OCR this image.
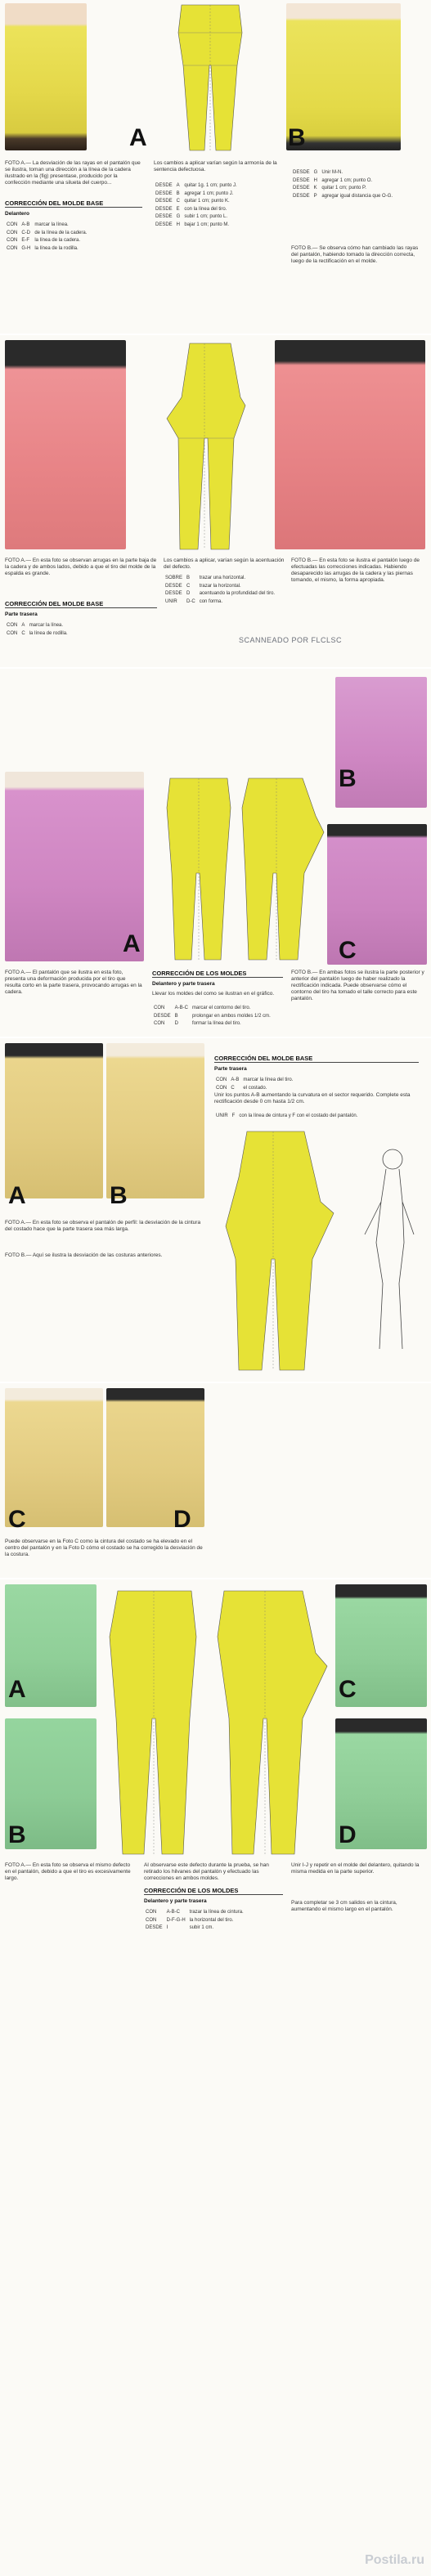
A	B
FOTO A.— La desviación de las rayas en el pantalón que se ilustra, toman una dirección a la línea de la cadera ilustrado en la (fig) presentase, producido por la confección mediante una silueta del cuerpo...
CORRECCIÓN DEL MOLDE BASE
Delantero
CON	A-B	marcar la línea.
CON	C-D	de la línea de la cadera.
CON	E-F	la línea de la cadera.
CON	G-H	la línea de la rodilla.
Los cambios a aplicar varían según la armonía de la sentencia defectuosa.
DESDE	A	quitar 1g. 1 cm; punto J.
DESDE	B	agregar 1 cm; punto J.
DESDE	C	quitar 1 cm; punto K.
DESDE	E	con la línea del tiro.
DESDE	G	subir 1 cm; punto L.
DESDE	H	bajar 1 cm; punto M.
DESDE	G	Unir M-N.
DESDE	H	agregar 1 cm; punto O.
DESDE	K	quitar 1 cm; punto P.
DESDE	P	agregar igual distancia que O-G.
FOTO B.— Se observa cómo han cambiado las rayas del pantalón, habiendo tomado la dirección correcta, luego de la rectificación en el molde.
FOTO A.— En esta foto se observan arrugas en la parte baja de la cadera y de ambos lados, debido a que el tiro del molde de la espalda es grande.
CORRECCIÓN DEL MOLDE BASE
Parte trasera
CON	A	marcar la línea.
CON	C	la línea de rodilla.
Los cambios a aplicar, varían según la acentuación del defecto.
SOBRE	B	trazar una horizontal.
DESDE	C	trazar la horizontal.
DESDE	D	acentuando la profundidad del tiro.
UNIR	D-C	con forma.
FOTO B.— En esta foto se ilustra el pantalón luego de efectuadas las correcciones indicadas. Habiendo desaparecido las arrugas de la cadera y las piernas tomando, el mismo, la forma apropiada.
SCANNEADO POR FLCLSC
B
A	C
FOTO A.— El pantalón que se ilustra en esta foto, presenta una deformación producida por el tiro que resulta corto en la parte trasera, provocando arrugas en la cadera.
CORRECCIÓN DE LOS MOLDES
Delantero y parte trasera
Llevar los moldes del como se ilustran en el gráfico.
CON	A-B-C	marcar el contorno del tiro.
DESDE	B	prolongar en ambos moldes 1/2 cm.
CON	D	formar la línea del tiro.
FOTO B.— En ambas fotos se ilustra la parte posterior y anterior del pantalón luego de haber realizado la rectificación indicada. Puede observarse cómo el contorno del tiro ha tomado el talle correcto para este pantalón.
A	B
FOTO A.— En esta foto se observa el pantalón de perfil: la desviación de la cintura del costado hace que la parte trasera sea más larga.
FOTO B.— Aquí se ilustra la desviación de las costuras anteriores.
CORRECCIÓN DEL MOLDE BASE
Parte trasera
CON	A-B	marcar la línea del tiro.
CON	C	el costado.
Unir los puntos A-B aumentando la curvatura en el sector requerido. Complete esta rectificación desde 0 cm hasta 1/2 cm.
UNIR	F	con la línea de cintura y F con el costado del pantalón.
C	D
Puede observarse en la Foto C como la cintura del costado se ha elevado en el centro del pantalón y en la Foto D cómo el costado se ha corregido la desviación de la costura.
A	C
B	D
FOTO A.— En esta foto se observa el mismo defecto en el pantalón, debido a que el tiro es excesivamente largo.
Al observarse este defecto durante la prueba, se han retirado los hilvanes del pantalón y efectuado las correcciones en ambos moldes.
CORRECCIÓN DE LOS MOLDES
Delantero y parte trasera
CON	A-B-C	trazar la línea de cintura.
CON	D-F-G-H	la horizontal del tiro.
DESDE	I	subir 1 cm.
Unir I-J y repetir en el molde del delantero, quitando la misma medida en la parte superior.
Para completar se 3 cm salidos en la cintura, aumentando el mismo largo en el pantalón.
Postila.ru
